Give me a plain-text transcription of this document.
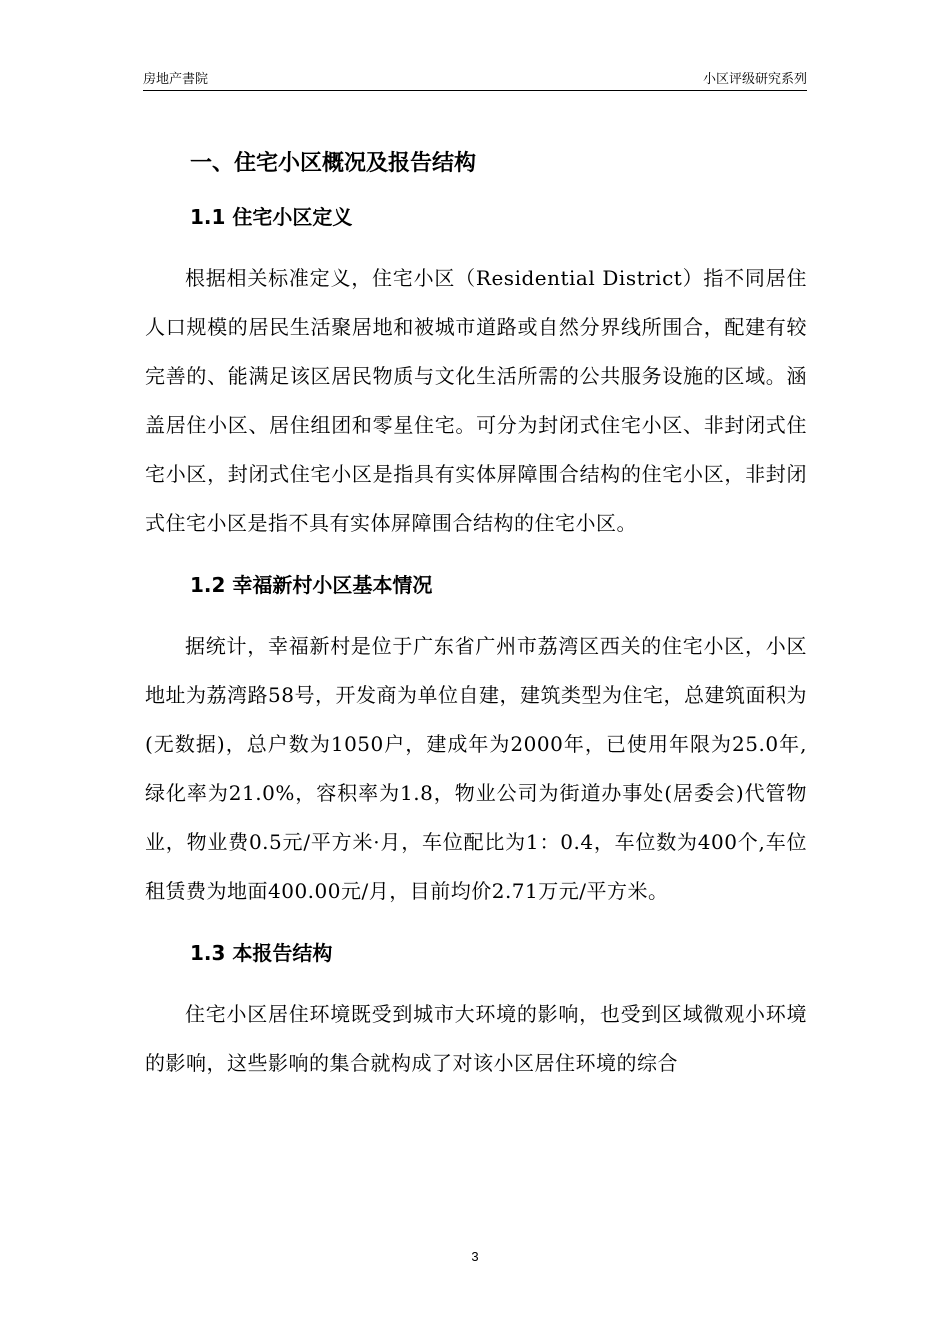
房地产書院	小区评级研究系列
一、住宅小区概况及报告结构
1.1 住宅小区定义

根据相关标准定义，住宅小区（Residential District）指不同居住人口规模的居民生活聚居地和被城市道路或自然分界线所围合，配建有较完善的、能满足该区居民物质与文化生活所需的公共服务设施的区域。涵盖居住小区、居住组团和零星住宅。可分为封闭式住宅小区、非封闭式住宅小区，封闭式住宅小区是指具有实体屏障围合结构的住宅小区，非封闭式住宅小区是指不具有实体屏障围合结构的住宅小区。

1.2 幸福新村小区基本情况

据统计，幸福新村是位于广东省广州市荔湾区西关的住宅小区，小区地址为荔湾路58号，开发商为单位自建，建筑类型为住宅，总建筑面积为(无数据)，总户数为1050户，建成年为2000年，已使用年限为25.0年,绿化率为21.0%，容积率为1.8，物业公司为街道办事处(居委会)代管物业，物业费0.5元/平方米·月，车位配比为1：0.4，车位数为400个,车位租赁费为地面400.00元/月，目前均价2.71万元/平方米。

1.3 本报告结构

住宅小区居住环境既受到城市大环境的影响，也受到区域微观小环境的影响，这些影响的集合就构成了对该小区居住环境的综合

3
